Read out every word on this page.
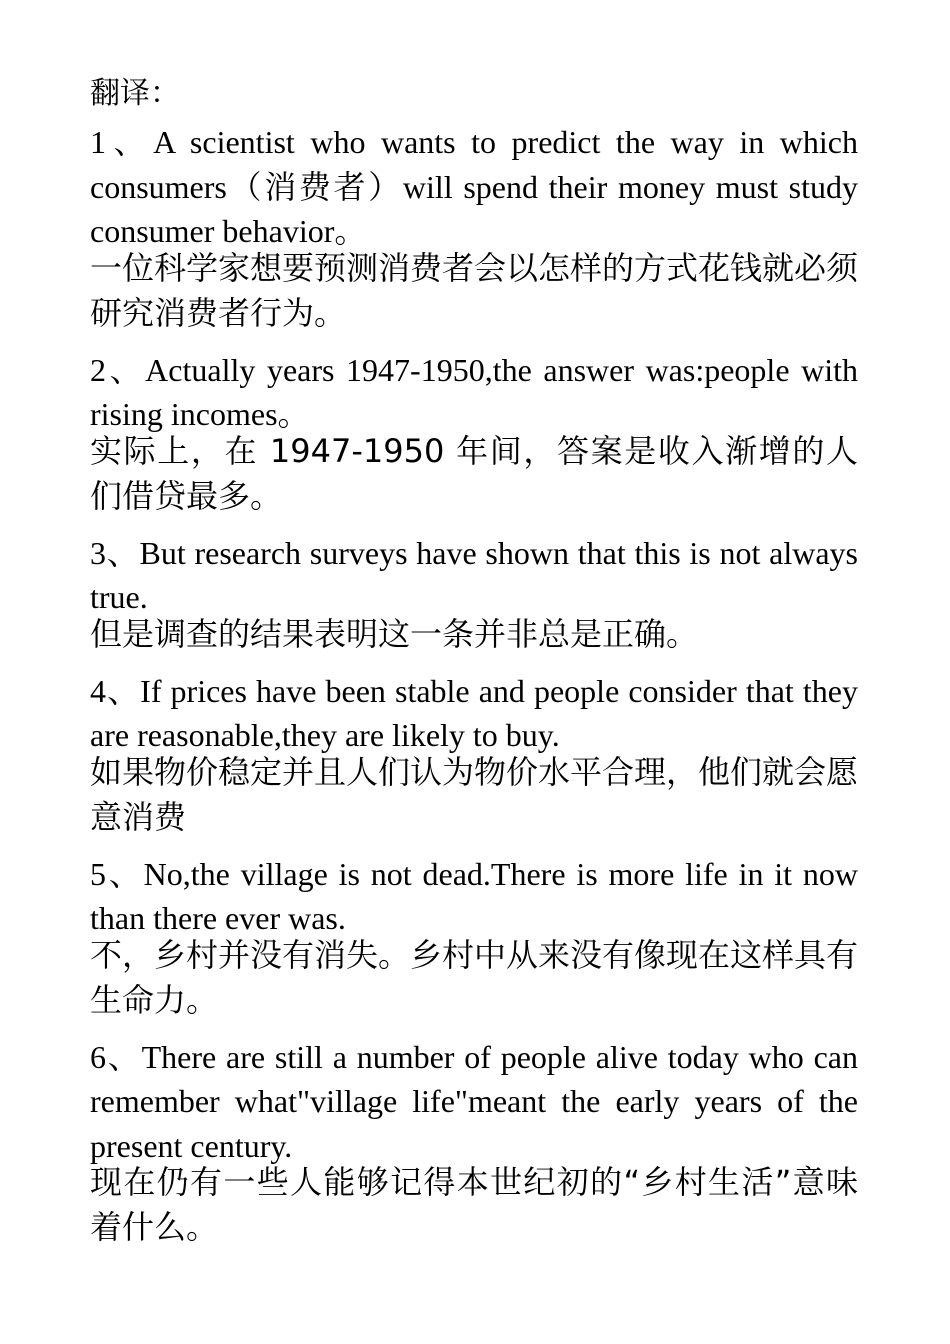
翻译：

1、A scientist who wants to predict the way in which consumers（消费者）will spend their money must study consumer behavior。

一位科学家想要预测消费者会以怎样的方式花钱就必须研究消费者行为。

2、Actually years 1947-1950,the answer was:people with rising incomes。

实际上，在 1947-1950 年间，答案是收入渐增的人们借贷最多。

3、But research surveys have shown that this is not always true.

但是调查的结果表明这一条并非总是正确。

4、If prices have been stable and people consider that they are reasonable,they are likely to buy.

如果物价稳定并且人们认为物价水平合理，他们就会愿意消费

5、No,the village is not dead.There is more life in it now than there ever was.

不，乡村并没有消失。乡村中从来没有像现在这样具有生命力。

6、There are still a number of people alive today who can remember what"village life"meant the early years of the present century.

现在仍有一些人能够记得本世纪初的“乡村生活”意味着什么。
